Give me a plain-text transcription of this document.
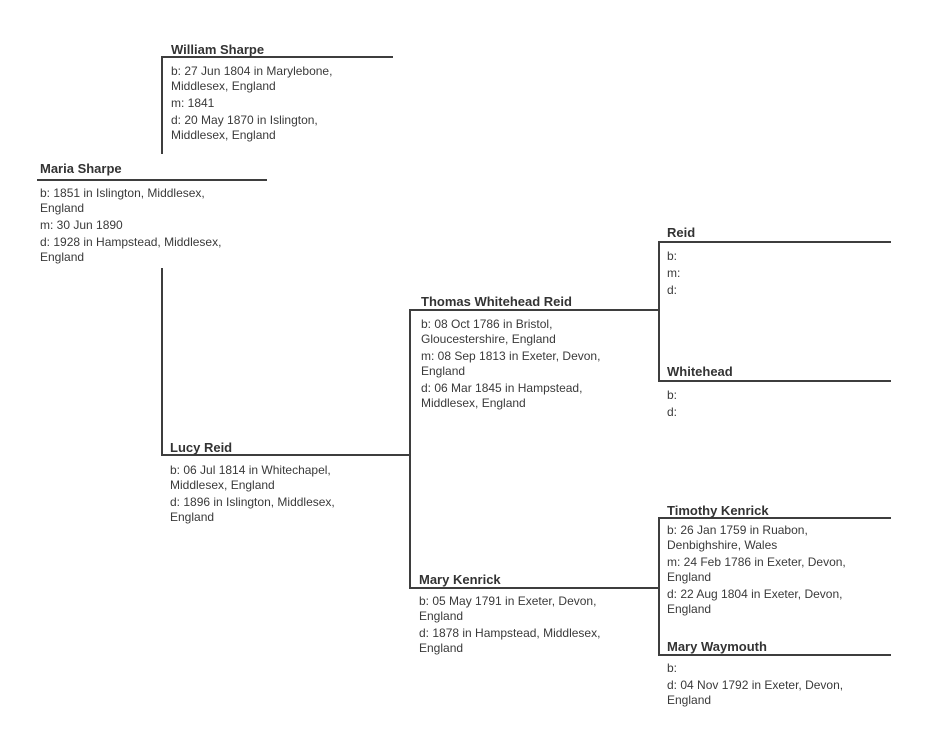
Maria Sharpe
b: 1851 in Islington, Middlesex,
England
m: 30 Jun 1890
d: 1928 in Hampstead, Middlesex,
England
William Sharpe
b: 27 Jun 1804 in Marylebone,
Middlesex, England
m: 1841
d: 20 May 1870 in Islington,
Middlesex, England
Lucy Reid
b: 06 Jul 1814 in Whitechapel,
Middlesex, England
d: 1896 in Islington, Middlesex,
England
Thomas Whitehead Reid
b: 08 Oct 1786 in Bristol,
Gloucestershire, England
m: 08 Sep 1813 in Exeter, Devon,
England
d: 06 Mar 1845 in Hampstead,
Middlesex, England
Mary Kenrick
b: 05 May 1791 in Exeter, Devon,
England
d: 1878 in Hampstead, Middlesex,
England
Reid
b:
m:
d:
Whitehead
b:
d:
Timothy Kenrick
b: 26 Jan 1759 in Ruabon,
Denbighshire, Wales
m: 24 Feb 1786 in Exeter, Devon,
England
d: 22 Aug 1804 in Exeter, Devon,
England
Mary Waymouth
b:
d: 04 Nov 1792 in Exeter, Devon,
England
